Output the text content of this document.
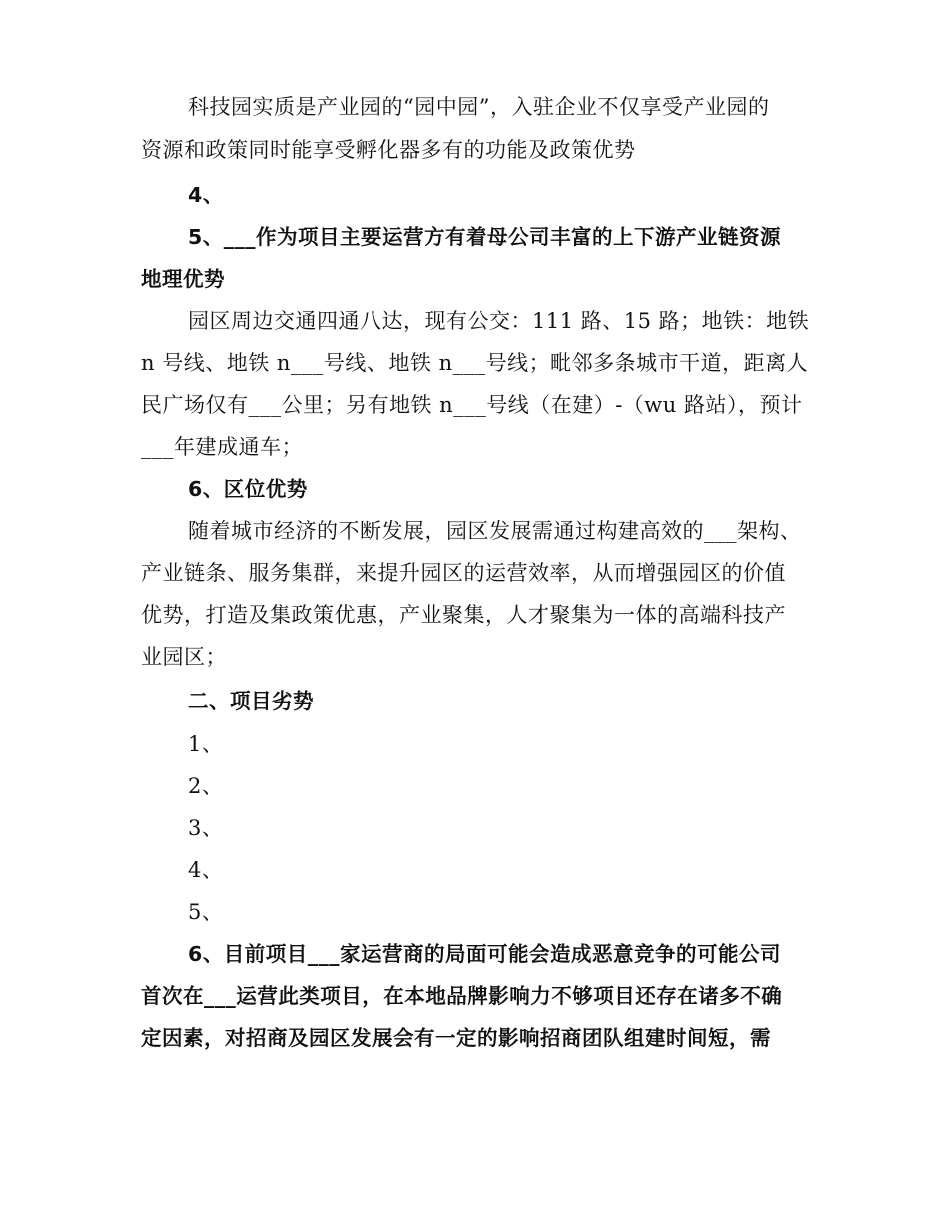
科技园实质是产业园的“园中园”，入驻企业不仅享受产业园的
资源和政策同时能享受孵化器多有的功能及政策优势
4、
5、___作为项目主要运营方有着母公司丰富的上下游产业链资源
地理优势
园区周边交通四通八达，现有公交：111 路、15 路；地铁：地铁
n 号线、地铁 n___号线、地铁 n___号线；毗邻多条城市干道，距离人
民广场仅有___公里；另有地铁 n___号线（在建）-（wu 路站），预计
___年建成通车；
6、区位优势
随着城市经济的不断发展，园区发展需通过构建高效的___架构、
产业链条、服务集群，来提升园区的运营效率，从而增强园区的价值
优势，打造及集政策优惠，产业聚集，人才聚集为一体的高端科技产
业园区；
二、项目劣势
1、
2、
3、
4、
5、
6、目前项目___家运营商的局面可能会造成恶意竞争的可能公司
首次在___运营此类项目，在本地品牌影响力不够项目还存在诸多不确
定因素，对招商及园区发展会有一定的影响招商团队组建时间短，需
